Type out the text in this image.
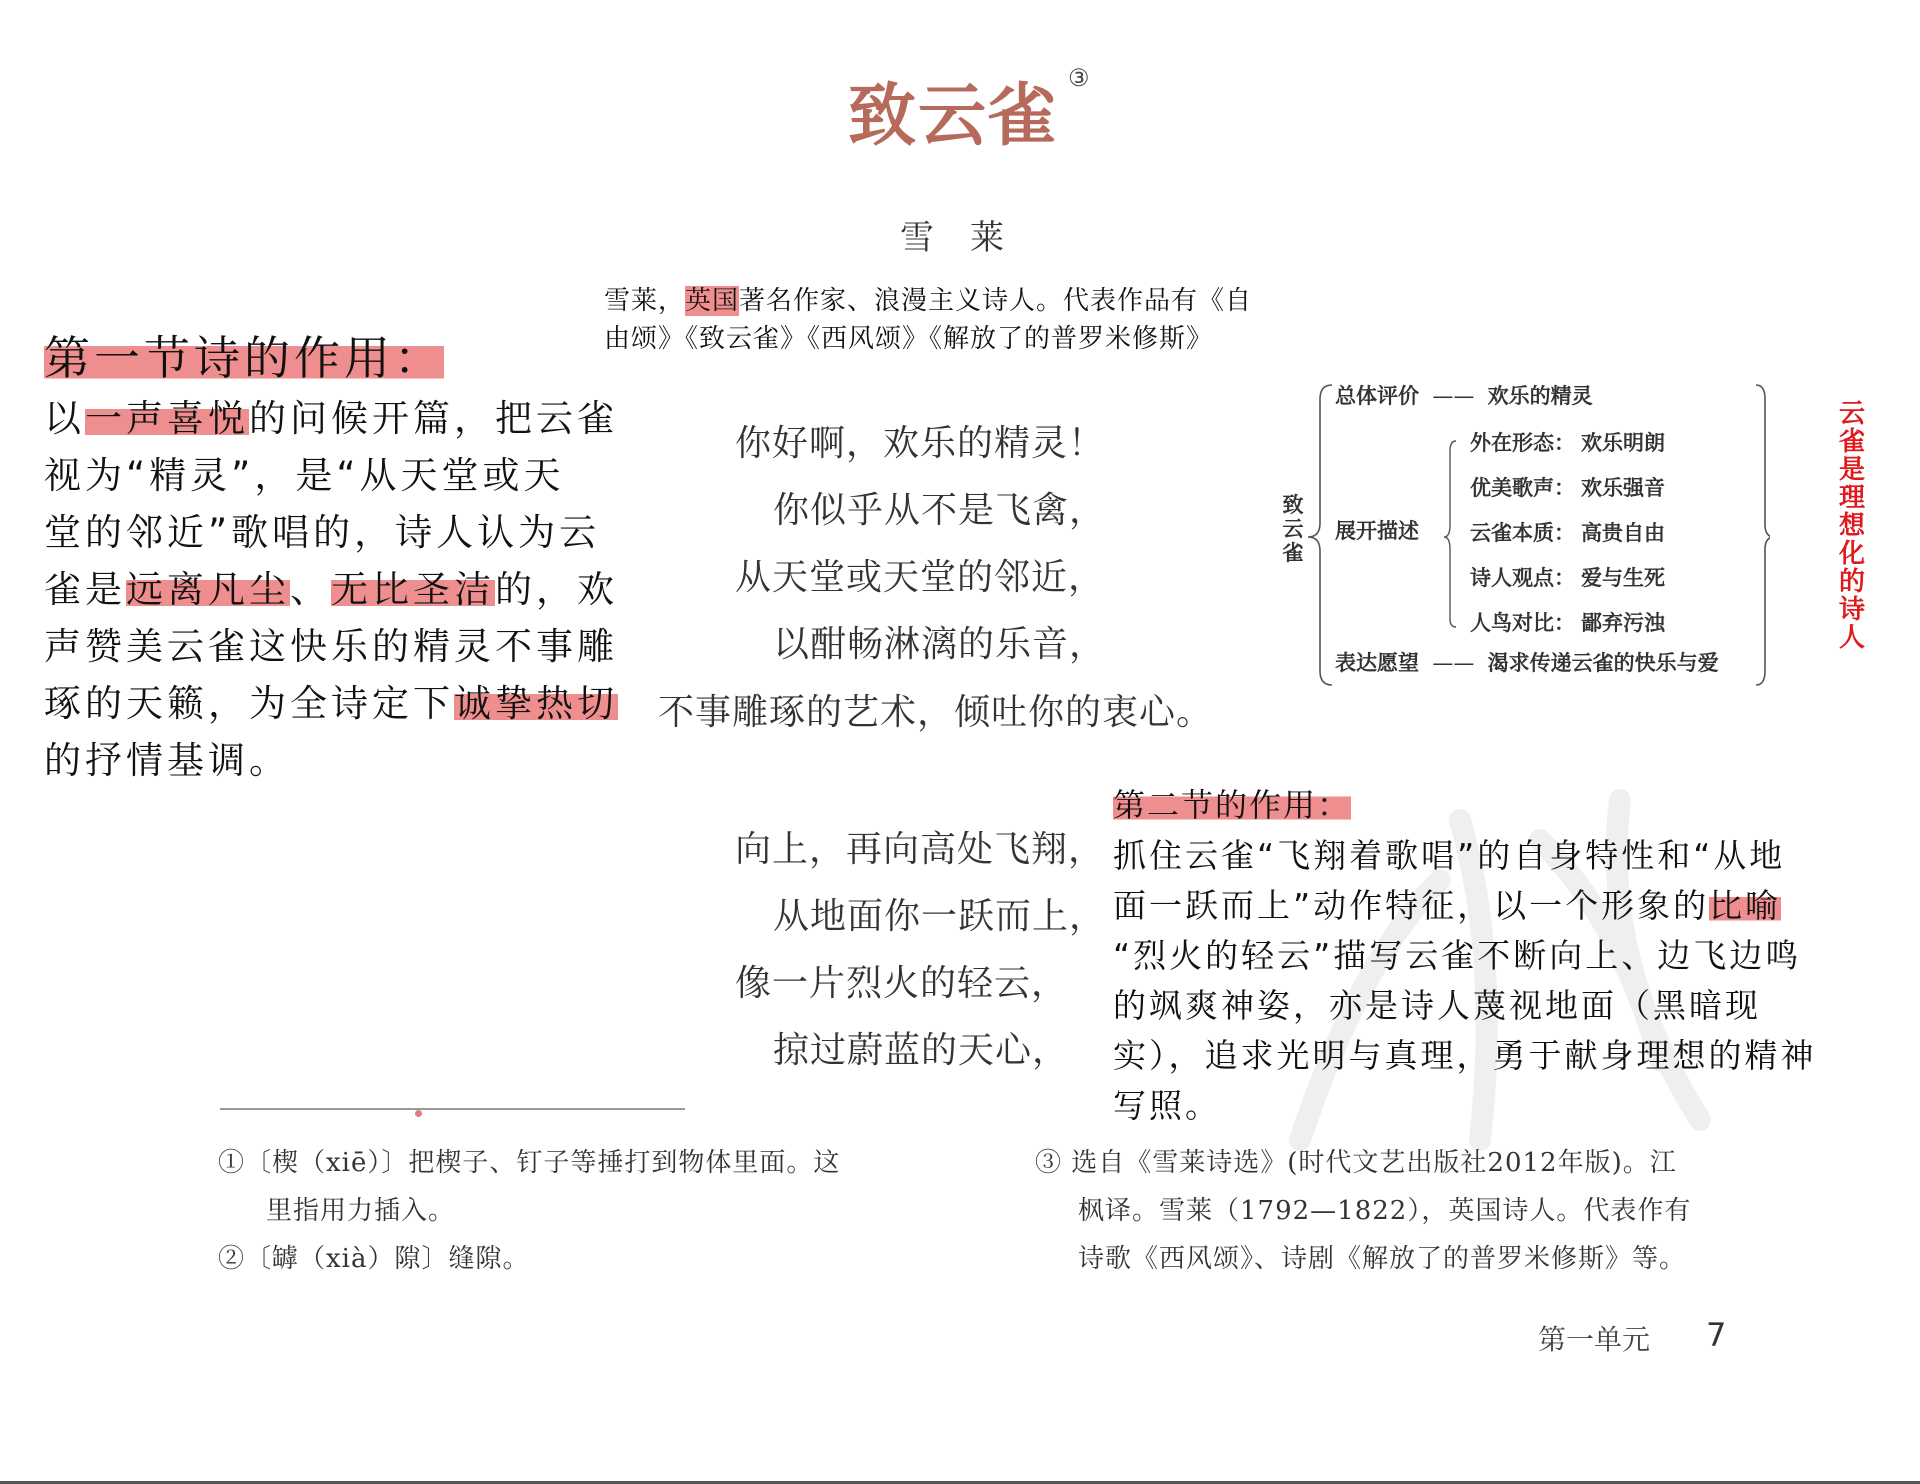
致云雀 ③
雪莱
雪莱，英国著名作家、浪漫主义诗人。代表作品有《自
由颂》《致云雀》《西风颂》《解放了的普罗米修斯》
第一节诗的作用：
以一声喜悦的问候开篇，把云雀
视为“精灵”，是“从天堂或天
堂的邻近”歌唱的，诗人认为云
雀是远离凡尘、无比圣洁的，欢
声赞美云雀这快乐的精灵不事雕
琢的天籁，为全诗定下诚挚热切
的抒情基调。
你好啊，欢乐的精灵！
你似乎从不是飞禽，
从天堂或天堂的邻近，
以酣畅淋漓的乐音，
不事雕琢的艺术，倾吐你的衷心。
向上，再向高处飞翔，
从地面你一跃而上，
像一片烈火的轻云，
掠过蔚蓝的天心，
致云雀
总体评价 —— 欢乐的精灵
展开描述
外在形态： 欢乐明朗
优美歌声： 欢乐强音
云雀本质： 高贵自由
诗人观点： 爱与生死
人鸟对比： 鄙弃污浊
表达愿望 —— 渴求传递云雀的快乐与爱
云雀是理想化的诗人
第二节的作用：
抓住云雀“飞翔着歌唱”的自身特性和“从地
面一跃而上”动作特征，以一个形象的比喻
“烈火的轻云”描写云雀不断向上、边飞边鸣
的飒爽神姿，亦是诗人蔑视地面（黑暗现
实），追求光明与真理，勇于献身理想的精神
写照。
①〔楔（xiē）〕把楔子、钉子等捶打到物体里面。这
里指用力插入。
②〔罅（xià）隙〕缝隙。
③ 选自《雪莱诗选》(时代文艺出版社2012年版)。江
枫译。雪莱（1792—1822），英国诗人。代表作有
诗歌《西风颂》、诗剧《解放了的普罗米修斯》等。
第一单元 7
